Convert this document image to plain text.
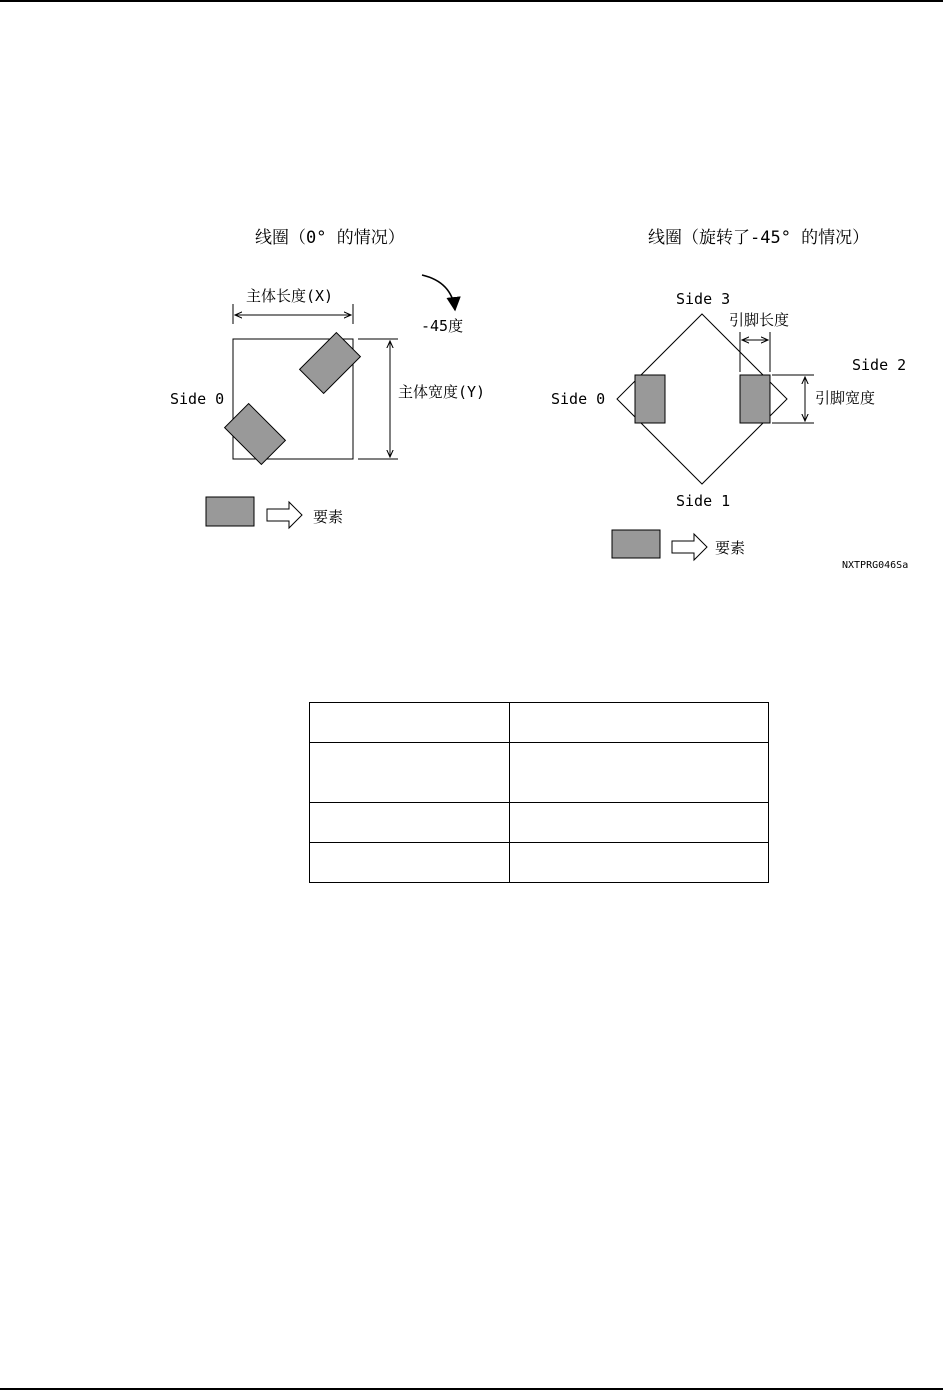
线圈（0° 的情况）
主体长度(X)
-45度
主体宽度(Y)
Side 0
要素
线圈（旋转了-45° 的情况）
Side 3
引脚长度
Side 2
Side 0	引脚宽度
Side 1
要素
NXTPRG046Sa
